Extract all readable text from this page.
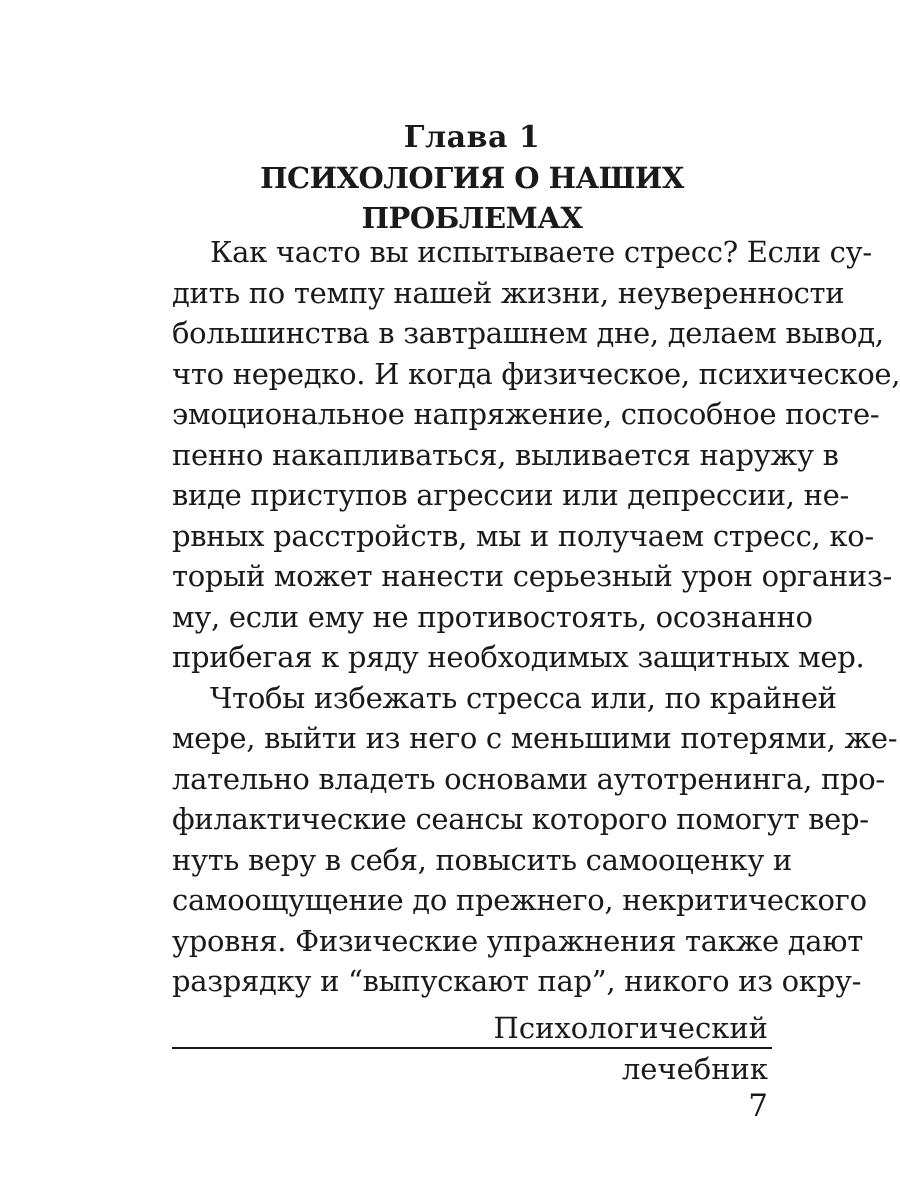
Глава 1
ПСИХОЛОГИЯ О НАШИХ ПРОБЛЕМАХ
Как часто вы испытываете стресс? Если су-
дить по темпу нашей жизни, неуверенности
большинства в завтрашнем дне, делаем вывод,
что нередко. И когда физическое, психическое,
эмоциональное напряжение, способное посте-
пенно накапливаться, выливается наружу в
виде приступов агрессии или депрессии, не-
рвных расстройств, мы и получаем стресс, ко-
торый может нанести серьезный урон организ-
му, если ему не противостоять, осознанно
прибегая к ряду необходимых защитных мер.
Чтобы избежать стресса или, по крайней
мере, выйти из него с меньшими потерями, же-
лательно владеть основами аутотренинга, про-
филактические сеансы которого помогут вер-
нуть веру в себя, повысить самооценку и
самоощущение до прежнего, некритического
уровня. Физические упражнения также дают
разрядку и “выпускают пар”, никого из окру-
Психологический
лечебник
7
